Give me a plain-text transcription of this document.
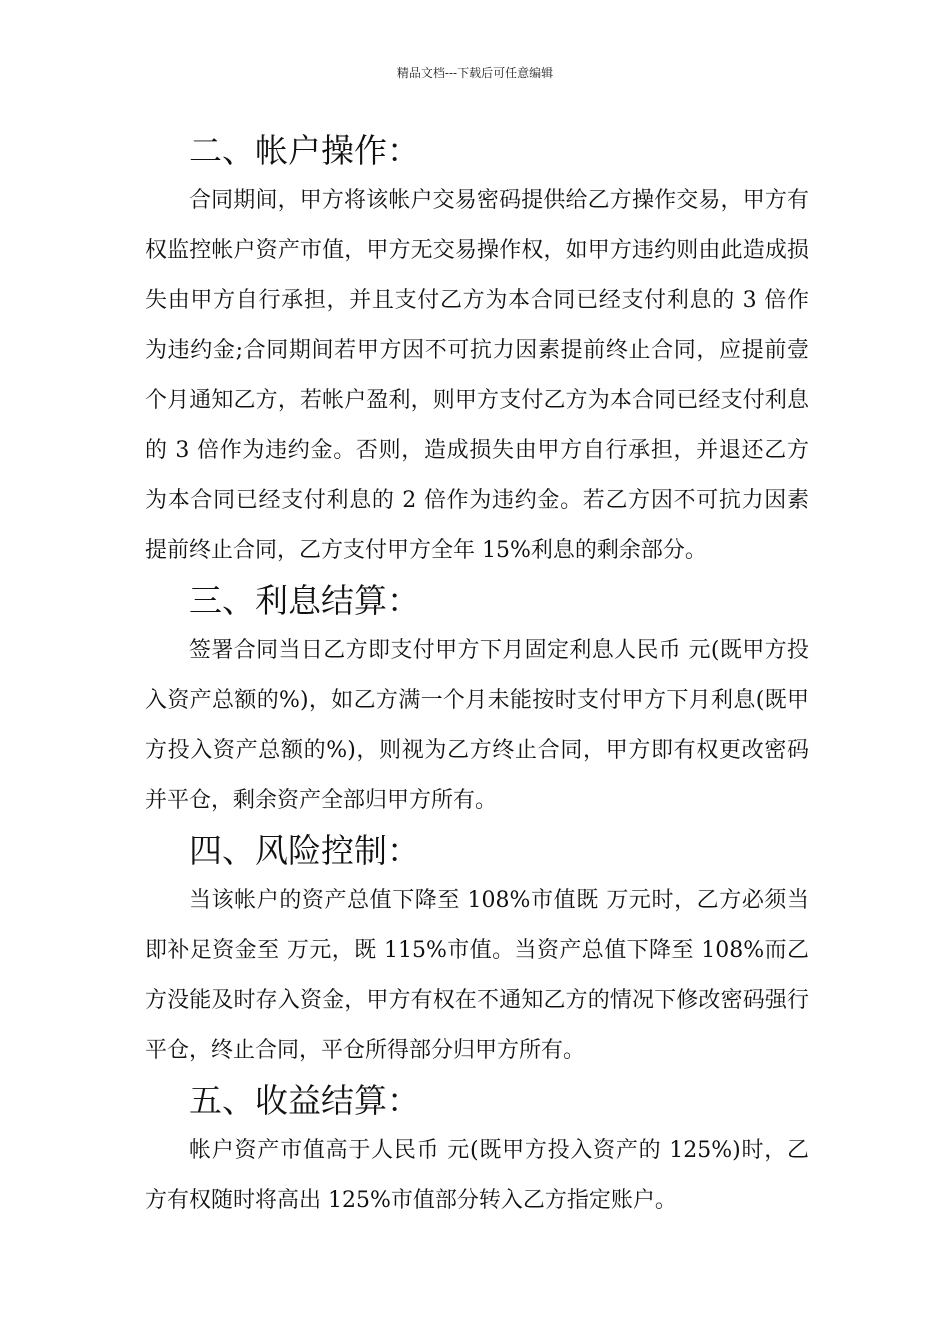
精品文档---下载后可任意编辑
二、帐户操作：

合同期间，甲方将该帐户交易密码提供给乙方操作交易，甲方有权监控帐户资产市值，甲方无交易操作权，如甲方违约则由此造成损失由甲方自行承担，并且支付乙方为本合同已经支付利息的 3 倍作为违约金;合同期间若甲方因不可抗力因素提前终止合同，应提前壹个月通知乙方，若帐户盈利，则甲方支付乙方为本合同已经支付利息的 3 倍作为违约金。否则，造成损失由甲方自行承担，并退还乙方为本合同已经支付利息的 2 倍作为违约金。若乙方因不可抗力因素提前终止合同，乙方支付甲方全年 15%利息的剩余部分。

三、利息结算：

签署合同当日乙方即支付甲方下月固定利息人民币 元(既甲方投入资产总额的%)，如乙方满一个月未能按时支付甲方下月利息(既甲方投入资产总额的%)，则视为乙方终止合同，甲方即有权更改密码并平仓，剩余资产全部归甲方所有。

四、风险控制：

当该帐户的资产总值下降至 108%市值既 万元时，乙方必须当即补足资金至 万元，既 115%市值。当资产总值下降至 108%而乙方没能及时存入资金，甲方有权在不通知乙方的情况下修改密码强行平仓，终止合同，平仓所得部分归甲方所有。

五、收益结算：

帐户资产市值高于人民币 元(既甲方投入资产的 125%)时，乙方有权随时将高出 125%市值部分转入乙方指定账户。
